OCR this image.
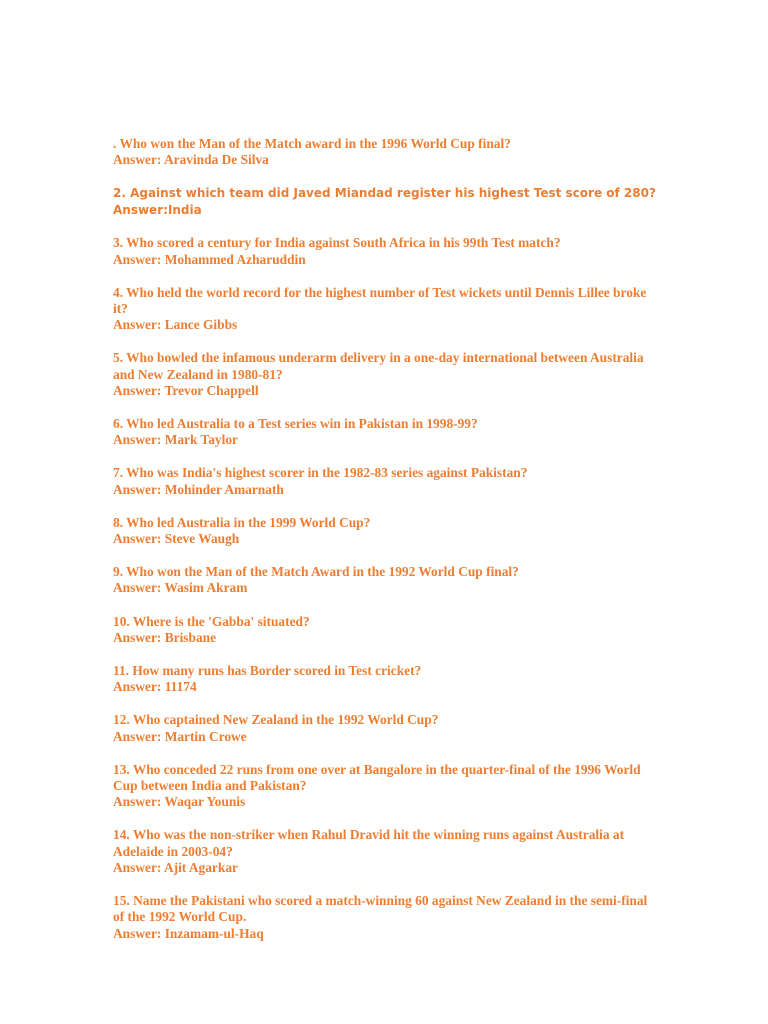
. Who won the Man of the Match award in the 1996 World Cup final?
Answer: Aravinda De Silva
2. Against which team did Javed Miandad register his highest Test score of 280?
Answer:India
3. Who scored a century for India against South Africa in his 99th Test match?
Answer: Mohammed Azharuddin
4. Who held the world record for the highest number of Test wickets until Dennis Lillee broke it?
Answer: Lance Gibbs
5. Who bowled the infamous underarm delivery in a one-day international between Australia and New Zealand in 1980-81?
Answer: Trevor Chappell
6. Who led Australia to a Test series win in Pakistan in 1998-99?
Answer: Mark Taylor
7. Who was India's highest scorer in the 1982-83 series against Pakistan?
Answer: Mohinder Amarnath
8. Who led Australia in the 1999 World Cup?
Answer: Steve Waugh
9. Who won the Man of the Match Award in the 1992 World Cup final?
Answer: Wasim Akram
10. Where is the 'Gabba' situated?
Answer: Brisbane
11. How many runs has Border scored in Test cricket?
Answer: 11174
12. Who captained New Zealand in the 1992 World Cup?
Answer: Martin Crowe
13. Who conceded 22 runs from one over at Bangalore in the quarter-final of the 1996 World Cup between India and Pakistan?
Answer: Waqar Younis
14. Who was the non-striker when Rahul Dravid hit the winning runs against Australia at Adelaide in 2003-04?
Answer: Ajit Agarkar
15. Name the Pakistani who scored a match-winning 60 against New Zealand in the semi-final of the 1992 World Cup.
Answer: Inzamam-ul-Haq
